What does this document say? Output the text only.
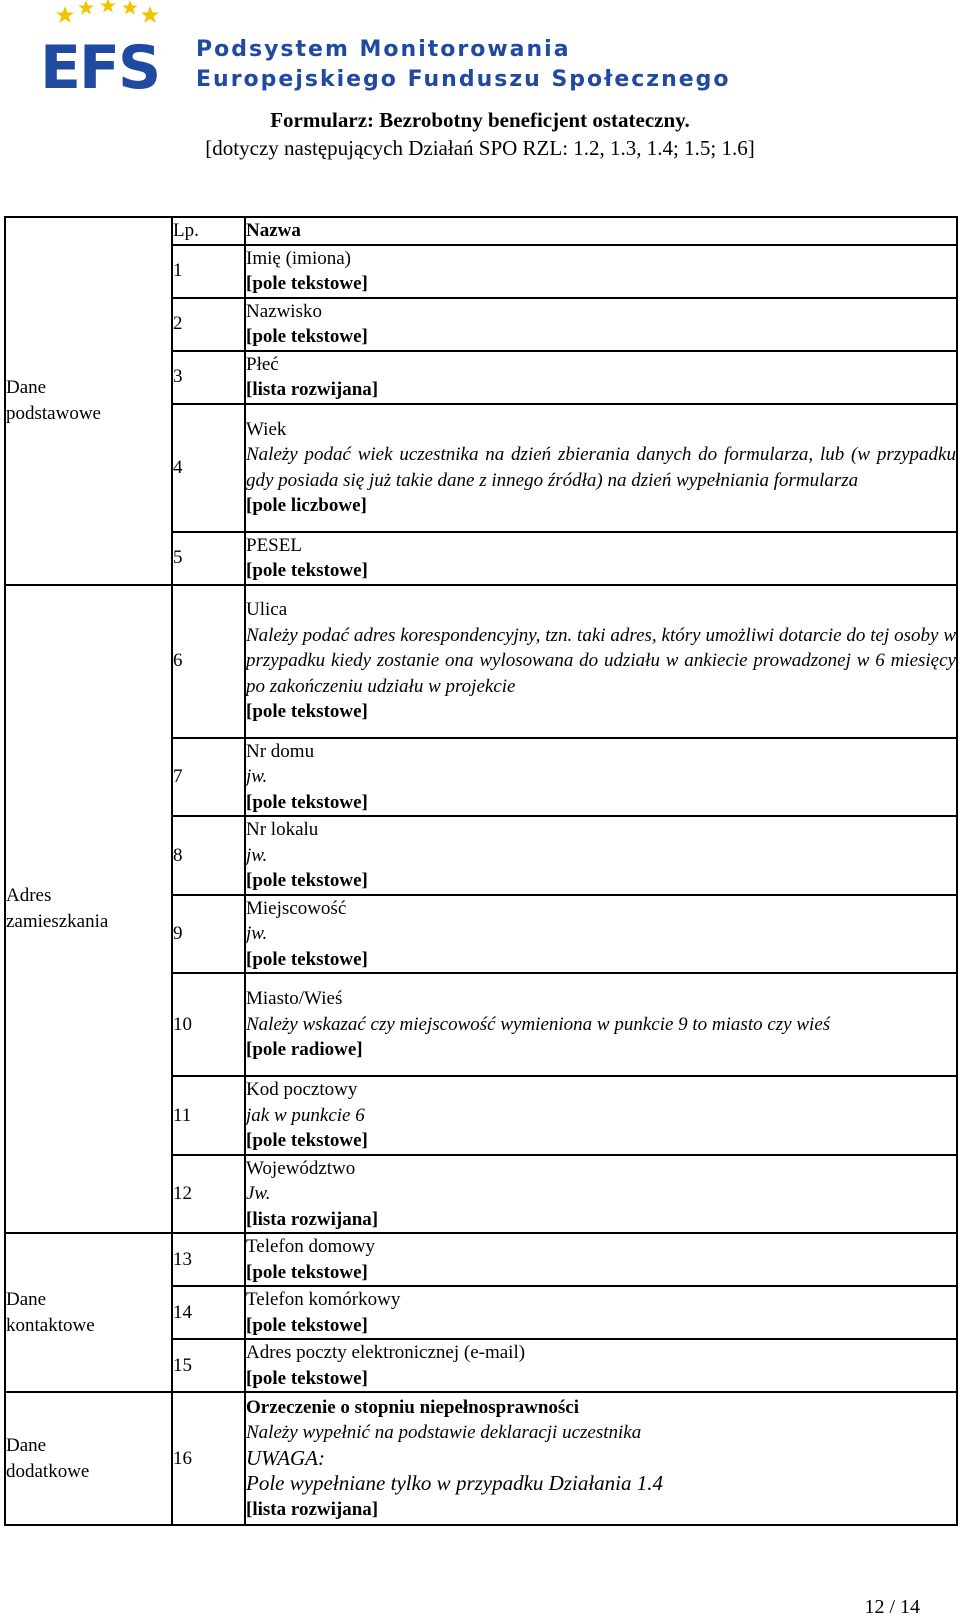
EFS Podsystem Monitorowania
Europejskiego Funduszu Społecznego
Formularz: Bezrobotny beneficjent ostateczny.
[dotyczy następujących Działań SPO RZL: 1.2, 1.3, 1.4; 1.5; 1.6]
Dane
podstawowe	Lp.	Nazwa
	1	Imię (imiona)
[pole tekstowe]

	2	Nazwisko
[pole tekstowe]

	3	Płeć
[lista rozwijana]

	4	Wiek
Należy podać wiek uczestnika na dzień zbierania danych do formularza, lub (w przypadku gdy posiada się już takie dane z innego źródła) na dzień wypełniania formularza
[pole liczbowe]

	5	PESEL
[pole tekstowe]

Adres
zamieszkania	6	Ulica
Należy podać adres korespondencyjny, tzn. taki adres, który umożliwi dotarcie do tej osoby w przypadku kiedy zostanie ona wylosowana do udziału w ankiecie prowadzonej w 6 miesięcy po zakończeniu udziału w projekcie
[pole tekstowe]

	7	Nr domu
jw.
[pole tekstowe]

	8	Nr lokalu
jw.
[pole tekstowe]

	9	Miejscowość
jw.
[pole tekstowe]

	10	Miasto/Wieś
Należy wskazać czy miejscowość wymieniona w punkcie 9 to miasto czy wieś
[pole radiowe]

	11	Kod pocztowy
jak w punkcie 6
[pole tekstowe]

	12	Województwo
Jw.
[lista rozwijana]

Dane
kontaktowe	13	Telefon domowy
[pole tekstowe]

	14	Telefon komórkowy
[pole tekstowe]

	15	Adres poczty elektronicznej (e-mail)
[pole tekstowe]

Dane
dodatkowe	16	Orzeczenie o stopniu niepełnosprawności
Należy wypełnić na podstawie deklaracji uczestnika
UWAGA:
Pole wypełniane tylko w przypadku Działania 1.4
[lista rozwijana]
12 / 14
